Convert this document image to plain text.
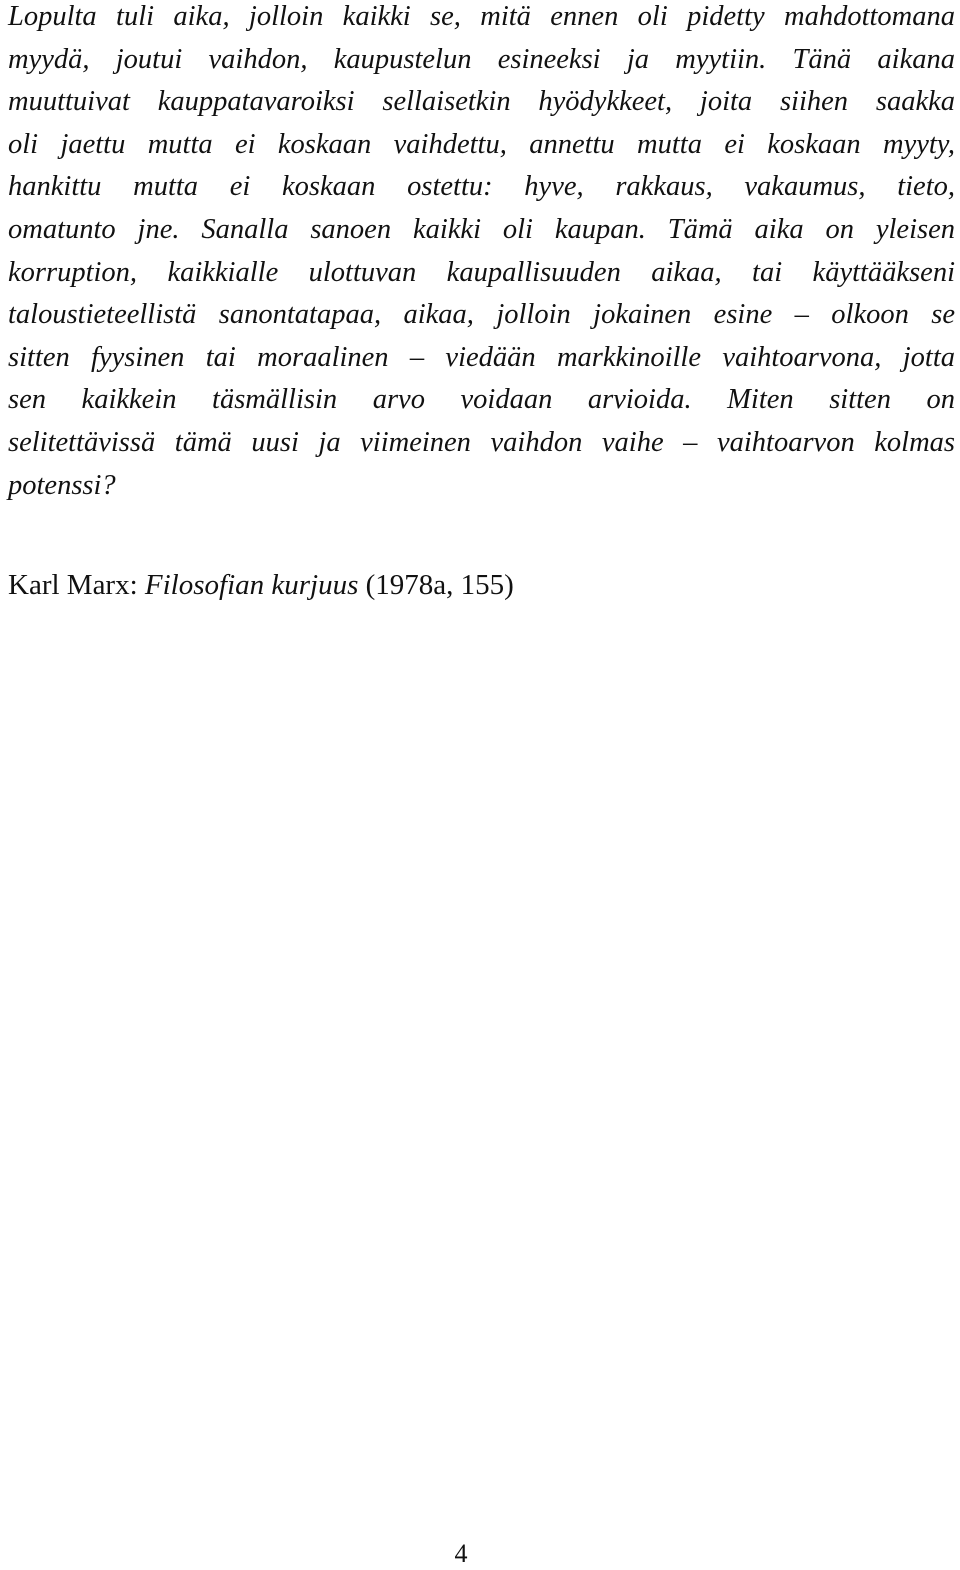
Lopulta tuli aika, jolloin kaikki se, mitä ennen oli pidetty mahdottomana
myydä, joutui vaihdon, kaupustelun esineeksi ja myytiin. Tänä aikana
muuttuivat kauppatavaroiksi sellaisetkin hyödykkeet, joita siihen saakka
oli jaettu mutta ei koskaan vaihdettu, annettu mutta ei koskaan myyty,
hankittu mutta ei koskaan ostettu: hyve, rakkaus, vakaumus, tieto,
omatunto jne. Sanalla sanoen kaikki oli kaupan. Tämä aika on yleisen
korruption, kaikkialle ulottuvan kaupallisuuden aikaa, tai käyttääkseni
taloustieteellistä sanontatapaa, aikaa, jolloin jokainen esine – olkoon se
sitten fyysinen tai moraalinen – viedään markkinoille vaihtoarvona, jotta
sen kaikkein täsmällisin arvo voidaan arvioida. Miten sitten on
selitettävissä tämä uusi ja viimeinen vaihdon vaihe – vaihtoarvon kolmas
potenssi?

Karl Marx: Filosofian kurjuus (1978a, 155)

4
